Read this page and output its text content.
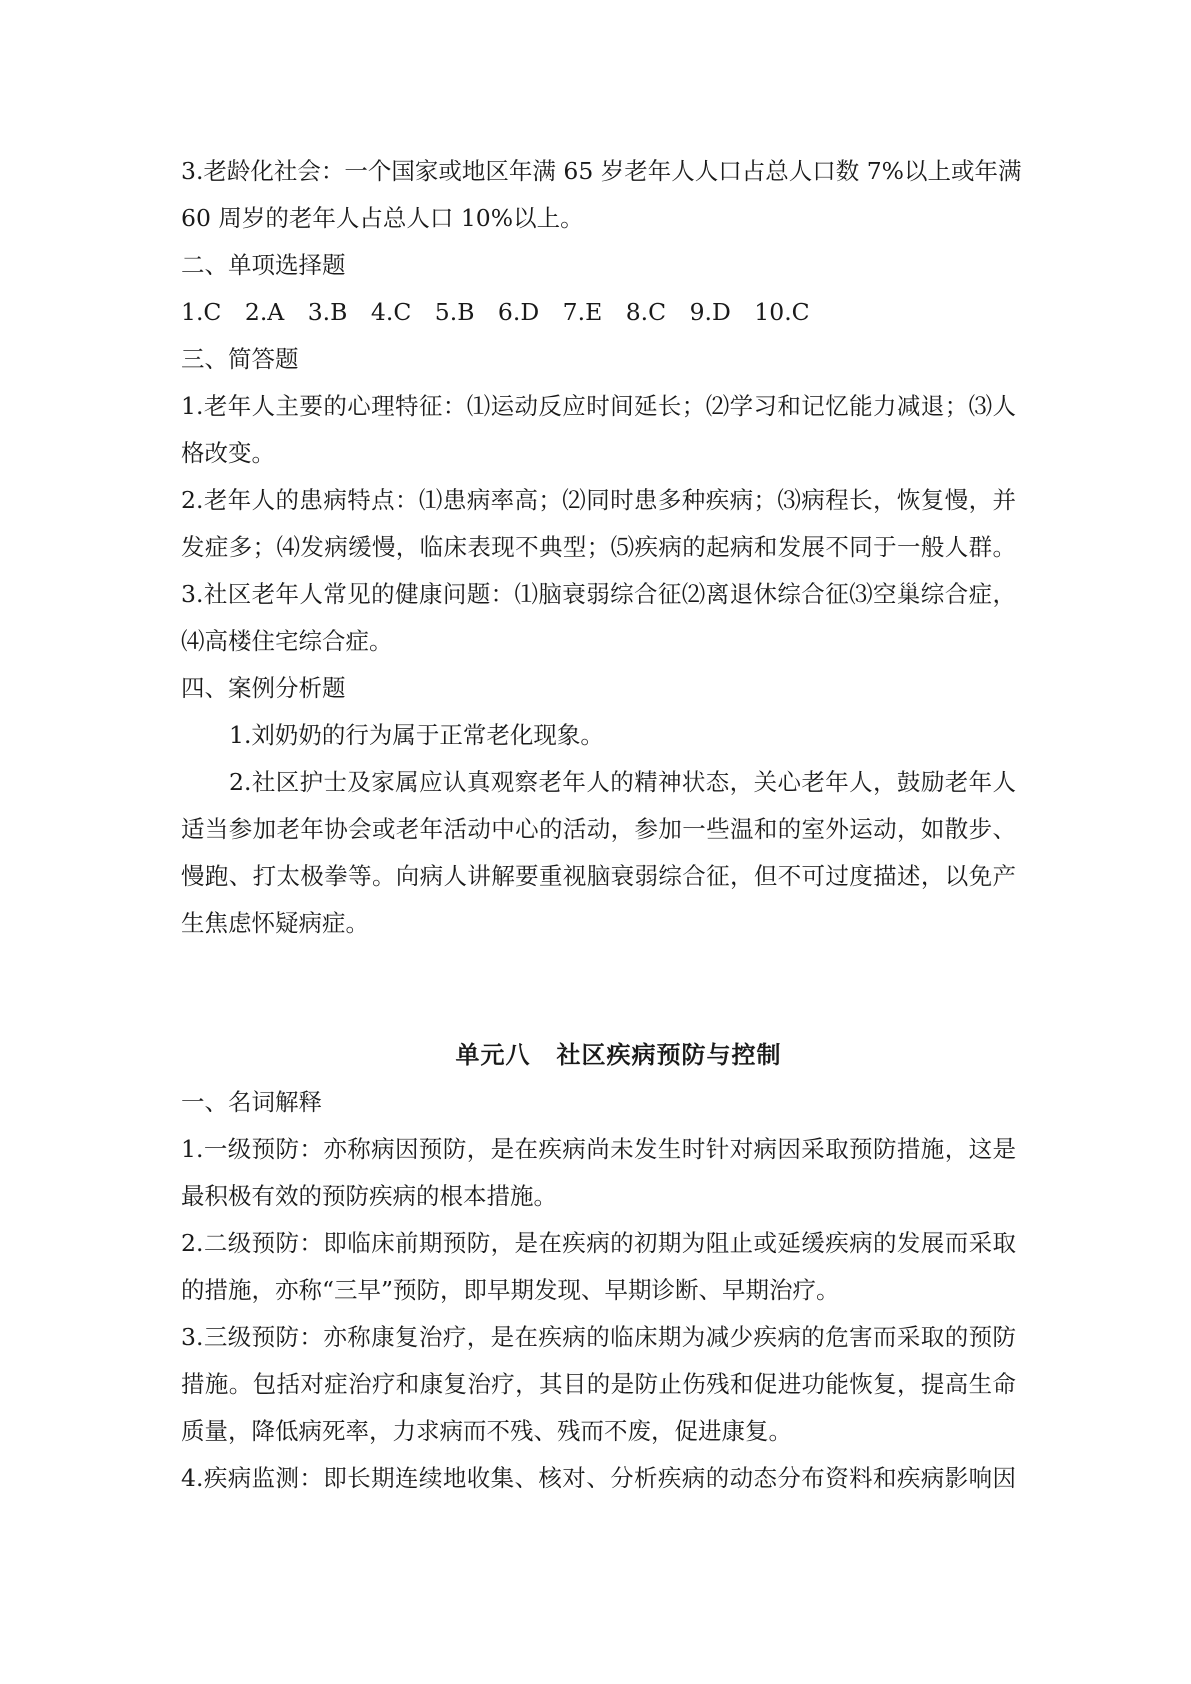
3.老龄化社会：一个国家或地区年满 65 岁老年人人口占总人口数 7%以上或年满
60 周岁的老年人占总人口 10%以上。
二、单项选择题
1.C 2.A 3.B 4.C 5.B 6.D 7.E 8.C 9.D 10.C
三、简答题
1.老年人主要的心理特征：⑴运动反应时间延长；⑵学习和记忆能力减退；⑶人
格改变。
2.老年人的患病特点：⑴患病率高；⑵同时患多种疾病；⑶病程长，恢复慢，并
发症多；⑷发病缓慢，临床表现不典型；⑸疾病的起病和发展不同于一般人群。
3.社区老年人常见的健康问题：⑴脑衰弱综合征⑵离退休综合征⑶空巢综合症，
⑷高楼住宅综合症。
四、案例分析题
1.刘奶奶的行为属于正常老化现象。
2.社区护士及家属应认真观察老年人的精神状态，关心老年人，鼓励老年人
适当参加老年协会或老年活动中心的活动，参加一些温和的室外运动，如散步、
慢跑、打太极拳等。向病人讲解要重视脑衰弱综合征，但不可过度描述，以免产
生焦虑怀疑病症。
单元八 社区疾病预防与控制
一、名词解释
1.一级预防：亦称病因预防，是在疾病尚未发生时针对病因采取预防措施，这是
最积极有效的预防疾病的根本措施。
2.二级预防：即临床前期预防，是在疾病的初期为阻止或延缓疾病的发展而采取
的措施，亦称“三早”预防，即早期发现、早期诊断、早期治疗。
3.三级预防：亦称康复治疗，是在疾病的临床期为减少疾病的危害而采取的预防
措施。包括对症治疗和康复治疗，其目的是防止伤残和促进功能恢复，提高生命
质量，降低病死率，力求病而不残、残而不废，促进康复。
4.疾病监测：即长期连续地收集、核对、分析疾病的动态分布资料和疾病影响因
